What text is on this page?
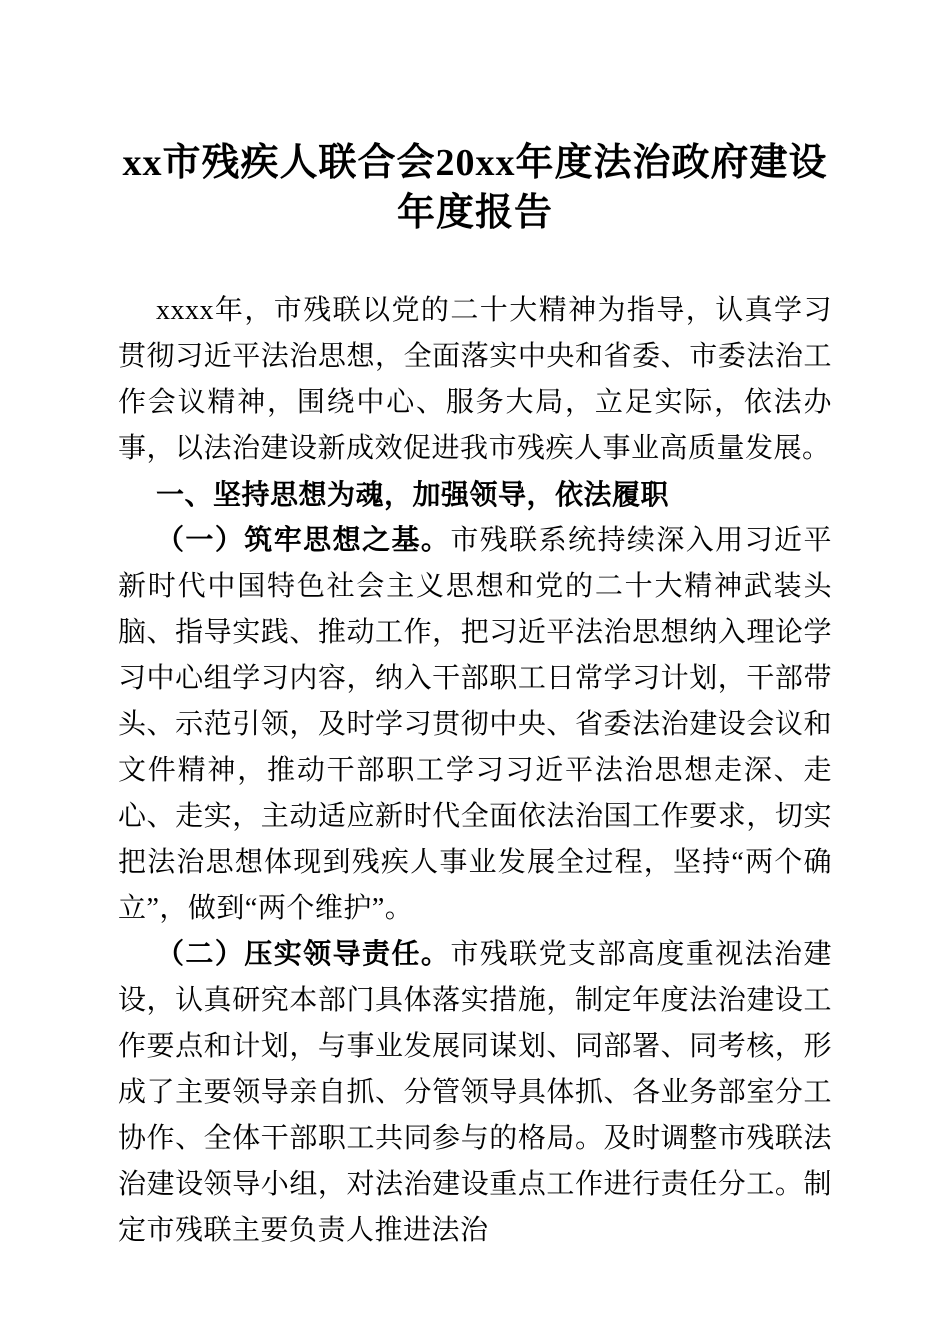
xx市残疾人联合会20xx年度法治政府建设年度报告

xxxx年，市残联以党的二十大精神为指导，认真学习贯彻习近平法治思想，全面落实中央和省委、市委法治工作会议精神，围绕中心、服务大局，立足实际，依法办事，以法治建设新成效促进我市残疾人事业高质量发展。

一、坚持思想为魂，加强领导，依法履职

（一）筑牢思想之基。市残联系统持续深入用习近平新时代中国特色社会主义思想和党的二十大精神武装头脑、指导实践、推动工作，把习近平法治思想纳入理论学习中心组学习内容，纳入干部职工日常学习计划，干部带头、示范引领，及时学习贯彻中央、省委法治建设会议和文件精神，推动干部职工学习习近平法治思想走深、走心、走实，主动适应新时代全面依法治国工作要求，切实把法治思想体现到残疾人事业发展全过程，坚持“两个确立”，做到“两个维护”。

（二）压实领导责任。市残联党支部高度重视法治建设，认真研究本部门具体落实措施，制定年度法治建设工作要点和计划，与事业发展同谋划、同部署、同考核，形成了主要领导亲自抓、分管领导具体抓、各业务部室分工协作、全体干部职工共同参与的格局。及时调整市残联法治建设领导小组，对法治建设重点工作进行责任分工。制定市残联主要负责人推进法治
